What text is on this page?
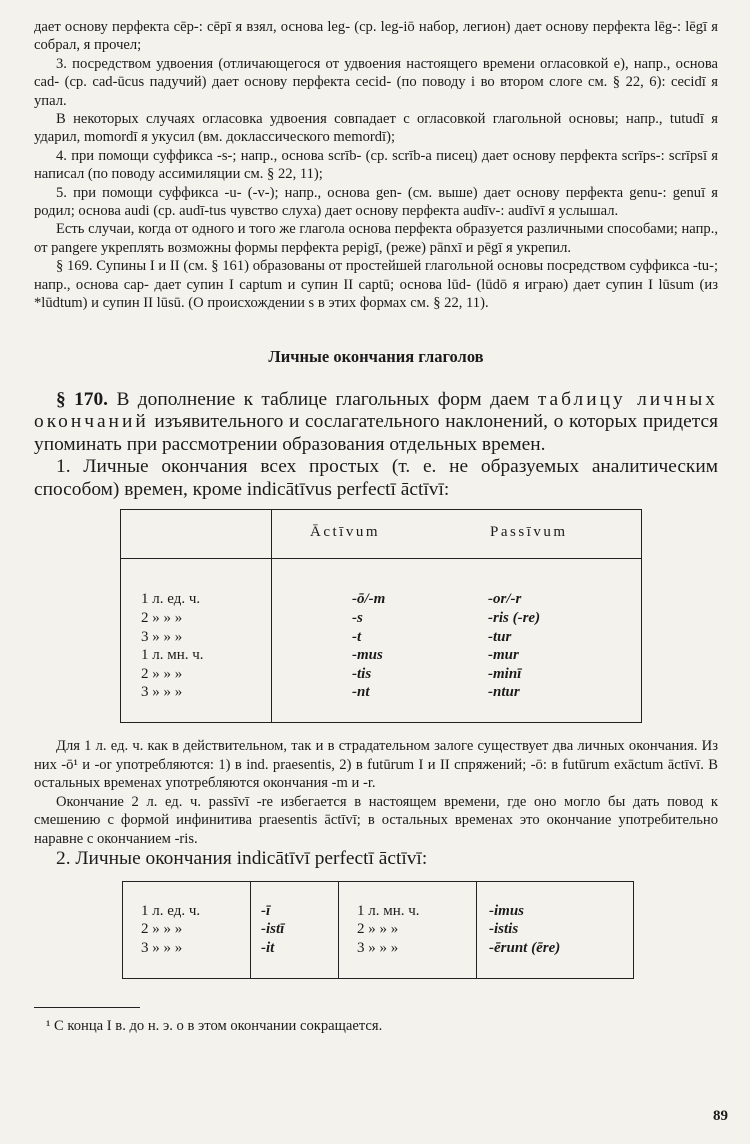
дает основу перфекта cēp-: cēpī я взял, основа leg- (ср. leg-iō набор, легион) дает основу перфекта lēg-: lēgī я собрал, я прочел;

3. посредством удвоения (отличающегося от удвоения настоящего времени огласовкой e), напр., основа cad- (ср. cad-ūcus падучий) дает основу перфекта cecid- (по поводу i во втором слоге см. § 22, 6): cecidī я упал.

В некоторых случаях огласовка удвоения совпадает с огласовкой глагольной основы; напр., tutudī я ударил, momordī я укусил (вм. доклассического memordī);

4. при помощи суффикса -s-; напр., основа scrīb- (ср. scrīb-a писец) дает основу перфекта scrīps-: scrīpsī я написал (по поводу ассимиляции см. § 22, 11);

5. при помощи суффикса -u- (-v-); напр., основа gen- (см. выше) дает основу перфекта genu-: genuī я родил; основа audi (ср. audī-tus чувство слуха) дает основу перфекта audīv-: audīvī я услышал.

Есть случаи, когда от одного и того же глагола основа перфекта образуется различными способами; напр., от pangere укреплять возможны формы перфекта pepigī, (реже) pānxī и pēgī я укрепил.

§ 169. Супины I и II (см. § 161) образованы от простейшей глагольной основы посредством суффикса -tu-; напр., основа cap- дает супин I captum и супин II captū; основа lūd- (lūdō я играю) дает супин I lūsum (из *lūdtum) и супин II lūsū. (О происхождении s в этих формах см. § 22, 11).

Личные окончания глаголов

§ 170. В дополнение к таблице глагольных форм даем таблицу личных окончаний изъявительного и сослагательного наклонений, о которых придется упоминать при рассмотрении образования отдельных времен.

1. Личные окончания всех простых (т. е. не образуемых аналитическим способом) времен, кроме indicātīvus perfectī āctīvī:

1 л. ед. ч.
2 » » »
3 » » »
1 л. мн. ч.
2 » » »
3 » » »
Āctīvum	Passīvum
-ō/-m
-s
-t
-mus
-tis
-nt
-or/-r
-ris (-re)
-tur
-mur
-minī
-ntur

Для 1 л. ед. ч. как в действительном, так и в страдательном залоге существует два личных окончания. Из них -ō¹ и -or употребляются: 1) в ind. praesentis, 2) в futūrum I и II спряжений; -ō: в futūrum exāctum āctīvī. В остальных временах употребляются окончания -m и -r.

Окончание 2 л. ед. ч. passīvī -re избегается в настоящем времени, где оно могло бы дать повод к смешению с формой инфинитива praesentis āctīvī; в остальных временах это окончание употребительно наравне с окончанием -ris.

2. Личные окончания indicātīvī perfectī āctīvī:

1 л. ед. ч.
2 » » »
3 » » »
-ī
-istī
-it
1 л. мн. ч.
2 » » »
3 » » »
-imus
-istis
-ērunt (ēre)

¹ С конца I в. до н. э. o в этом окончании сокращается.

89
